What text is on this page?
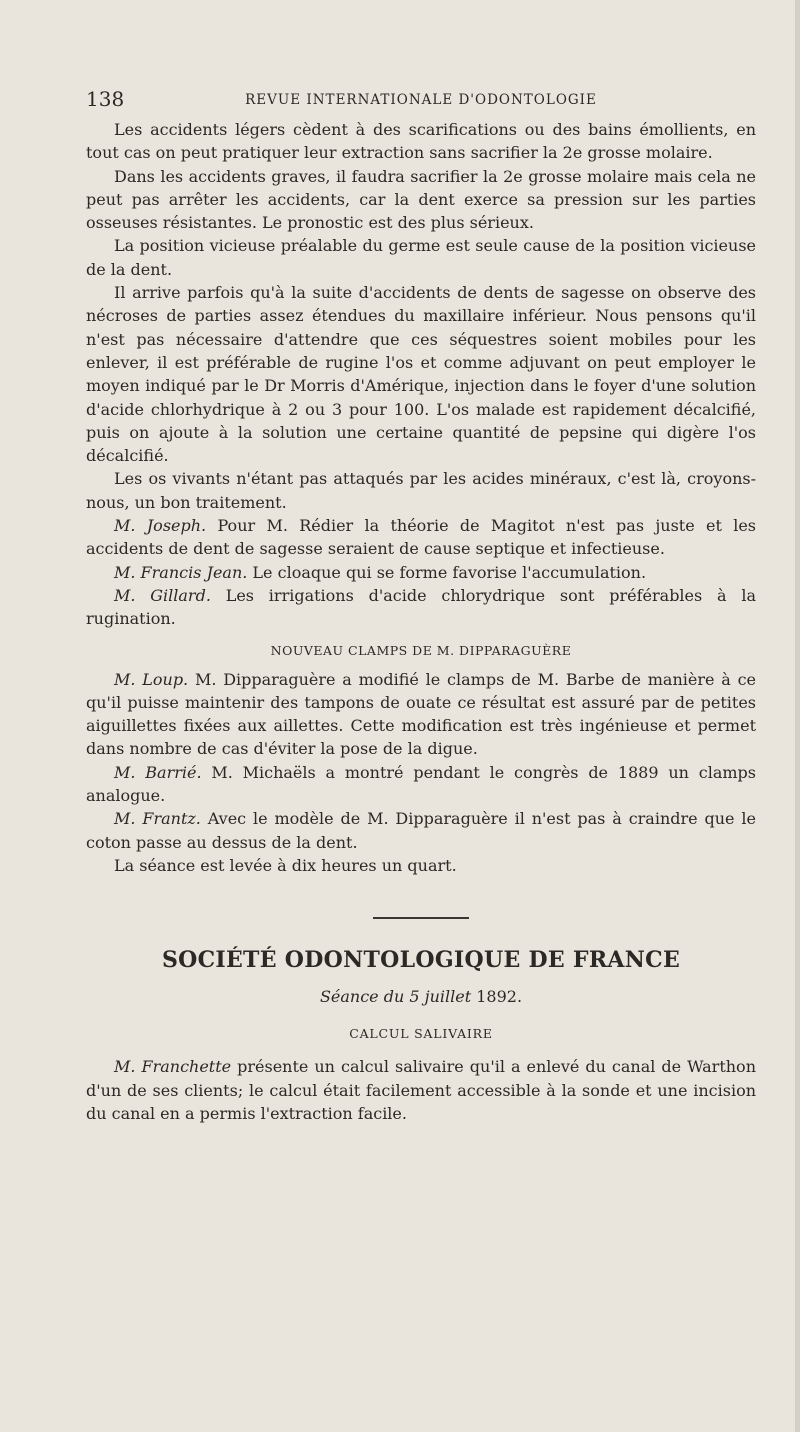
138	REVUE INTERNATIONALE D'ODONTOLOGIE

Les accidents légers cèdent à des scarifications ou des bains émollients, en tout cas on peut pratiquer leur extraction sans sacrifier la 2e grosse molaire.

Dans les accidents graves, il faudra sacrifier la 2e grosse molaire mais cela ne peut pas arrêter les accidents, car la dent exerce sa pression sur les parties osseuses résistantes. Le pronostic est des plus sérieux.

La position vicieuse préalable du germe est seule cause de la position vicieuse de la dent.

Il arrive parfois qu'à la suite d'accidents de dents de sagesse on observe des nécroses de parties assez étendues du maxillaire inférieur. Nous pensons qu'il n'est pas nécessaire d'attendre que ces séquestres soient mobiles pour les enlever, il est préférable de rugine l'os et comme adjuvant on peut employer le moyen indiqué par le Dr Morris d'Amérique, injection dans le foyer d'une solution d'acide chlorhydrique à 2 ou 3 pour 100. L'os malade est rapidement décalcifié, puis on ajoute à la solution une certaine quantité de pepsine qui digère l'os décalcifié.

Les os vivants n'étant pas attaqués par les acides minéraux, c'est là, croyons-nous, un bon traitement.

M. Joseph. Pour M. Rédier la théorie de Magitot n'est pas juste et les accidents de dent de sagesse seraient de cause septique et infectieuse.

M. Francis Jean. Le cloaque qui se forme favorise l'accumulation.

M. Gillard. Les irrigations d'acide chlorydrique sont préférables à la rugination.

NOUVEAU CLAMPS DE M. DIPPARAGUÈRE

M. Loup. M. Dipparaguère a modifié le clamps de M. Barbe de manière à ce qu'il puisse maintenir des tampons de ouate ce résultat est assuré par de petites aiguillettes fixées aux aillettes. Cette modification est très ingénieuse et permet dans nombre de cas d'éviter la pose de la digue.

M. Barrié. M. Michaëls a montré pendant le congrès de 1889 un clamps analogue.

M. Frantz. Avec le modèle de M. Dipparaguère il n'est pas à craindre que le coton passe au dessus de la dent.

La séance est levée à dix heures un quart.

SOCIÉTÉ ODONTOLOGIQUE DE FRANCE
Séance du 5 juillet 1892.
CALCUL SALIVAIRE

M. Franchette présente un calcul salivaire qu'il a enlevé du canal de Warthon d'un de ses clients; le calcul était facilement accessible à la sonde et une incision du canal en a permis l'extraction facile.
